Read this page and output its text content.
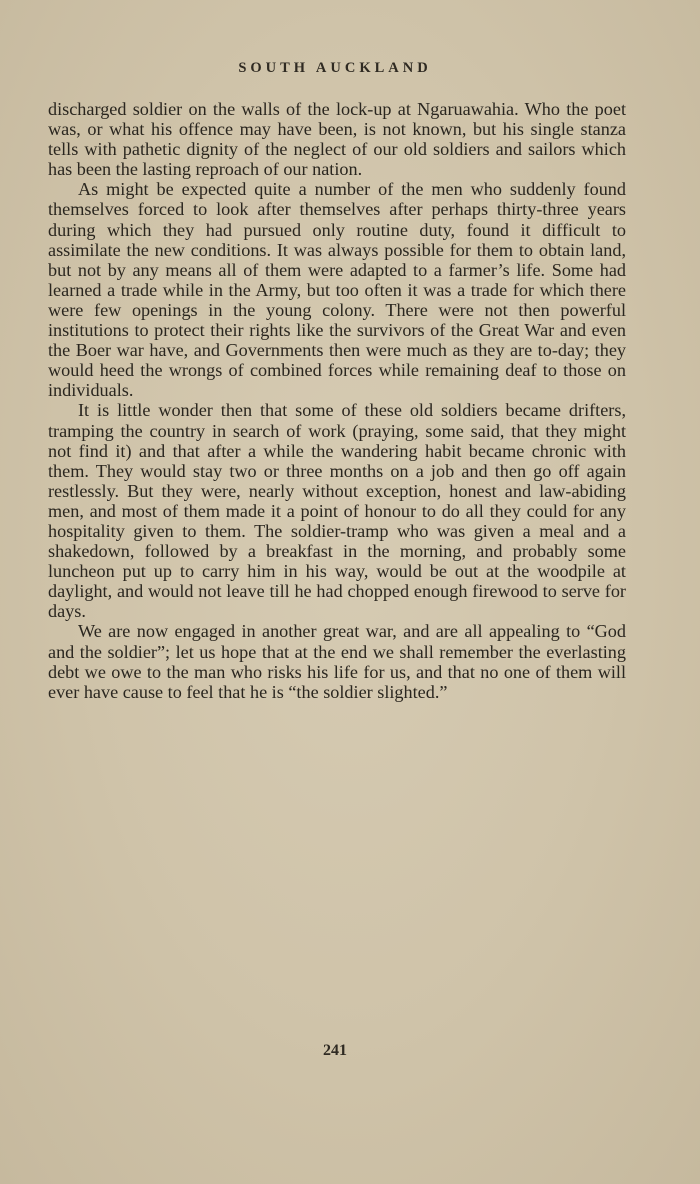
SOUTH AUCKLAND

discharged soldier on the walls of the lock-up at Ngaruawahia. Who the poet was, or what his offence may have been, is not known, but his single stanza tells with pathetic dignity of the neglect of our old soldiers and sailors which has been the lasting reproach of our nation.

As might be expected quite a number of the men who suddenly found themselves forced to look after themselves after perhaps thirty-three years during which they had pursued only routine duty, found it difficult to assimilate the new conditions. It was always possible for them to obtain land, but not by any means all of them were adapted to a farmer’s life. Some had learned a trade while in the Army, but too often it was a trade for which there were few openings in the young colony. There were not then powerful institutions to protect their rights like the survivors of the Great War and even the Boer war have, and Governments then were much as they are to-day; they would heed the wrongs of combined forces while remaining deaf to those on individuals.

It is little wonder then that some of these old soldiers became drifters, tramping the country in search of work (praying, some said, that they might not find it) and that after a while the wandering habit became chronic with them. They would stay two or three months on a job and then go off again restlessly. But they were, nearly without exception, honest and law-abiding men, and most of them made it a point of honour to do all they could for any hospitality given to them. The soldier-tramp who was given a meal and a shakedown, followed by a breakfast in the morning, and probably some luncheon put up to carry him in his way, would be out at the woodpile at daylight, and would not leave till he had chopped enough firewood to serve for days.

We are now engaged in another great war, and are all appealing to “God and the soldier”; let us hope that at the end we shall remember the everlasting debt we owe to the man who risks his life for us, and that no one of them will ever have cause to feel that he is “the soldier slighted.”

241
